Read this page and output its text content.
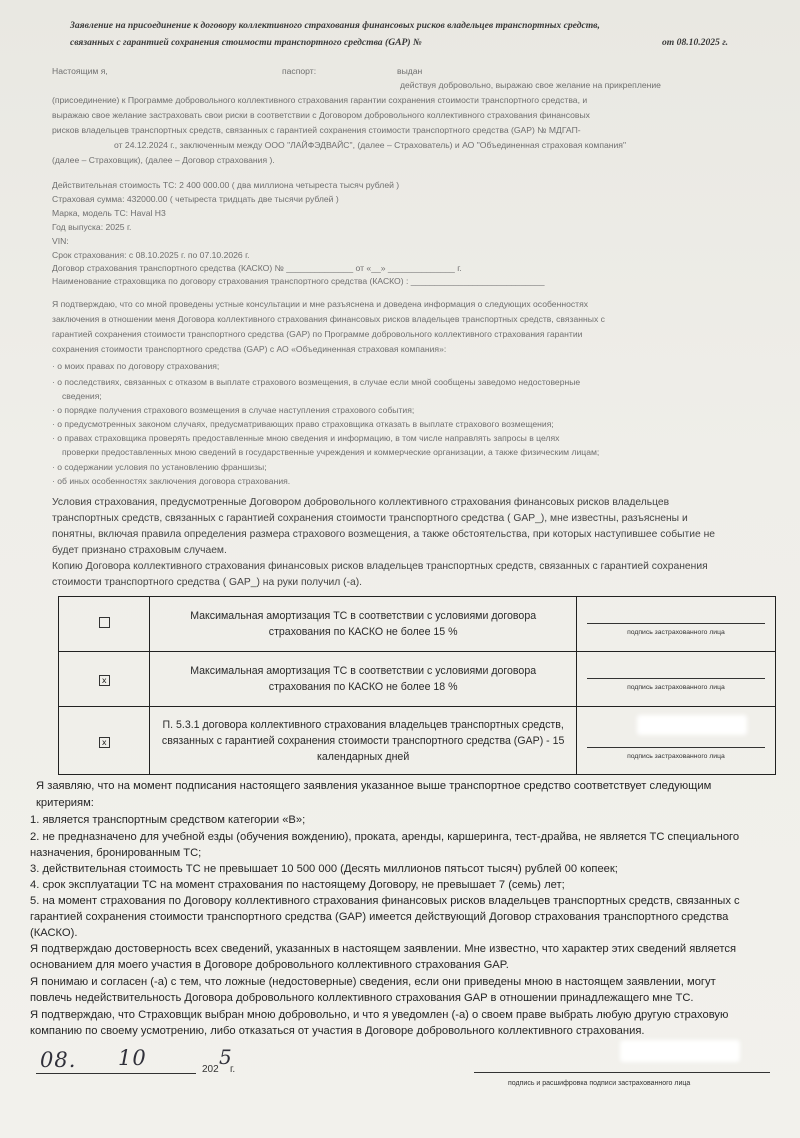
Заявление на присоединение к договору коллективного страхования финансовых рисков владельцев транспортных средств,
связанных с гарантией сохранения стоимости транспортного средства (GAP) №	от 08.10.2025 г.
Настоящим я,	паспорт:	выдан
действуя добровольно, выражаю свое желание на прикрепление
(присоединение) к Программе добровольного коллективного страхования гарантии сохранения стоимости транспортного средства, и
выражаю свое желание застраховать свои риски в соответствии с Договором добровольного коллективного страхования финансовых
рисков владельцев транспортных средств, связанных с гарантией сохранения стоимости транспортного средства (GAP) № МДГАП-
от 24.12.2024 г., заключенным между ООО "ЛАЙФЭДВАЙС", (далее – Страхователь) и АО "Объединенная страховая компания"
(далее – Страховщик), (далее – Договор страхования ).
Действительная стоимость ТС: 2 400 000.00 ( два миллиона четыреста тысяч рублей )
Страховая сумма: 432000.00 ( четыреста тридцать две тысячи рублей )
Марка, модель ТС: Haval H3
Год выпуска: 2025 г.
VIN:
Срок страхования: с 08.10.2025 г. по 07.10.2026 г.
Договор страхования транспортного средства (КАСКО) № ______________ от «__» ______________ г.
Наименование страховщика по договору страхования транспортного средства (КАСКО) : ____________________________
Я подтверждаю, что со мной проведены устные консультации и мне разъяснена и доведена информация о следующих особенностях
заключения в отношении меня Договора коллективного страхования финансовых рисков владельцев транспортных средств, связанных с
гарантией сохранения стоимости транспортного средства (GAP) по Программе добровольного коллективного страхования гарантии
сохранения стоимости транспортного средства (GAP) с АО «Объединенная страховая компания»:
· о моих правах по договору страхования;
· о последствиях, связанных с отказом в выплате страхового возмещения, в случае если мной сообщены заведомо недостоверные
сведения;
· о порядке получения страхового возмещения в случае наступления страхового события;
· о предусмотренных законом случаях, предусматривающих право страховщика отказать в выплате страхового возмещения;
· о правах страховщика проверять предоставленные мною сведения и информацию, в том числе направлять запросы в целях
проверки предоставленных мною сведений в государственные учреждения и коммерческие организации, а также физическим лицам;
· о содержании условия по установлению франшизы;
· об иных особенностях заключения договора страхования.
Условия страхования, предусмотренные Договором добровольного коллективного страхования финансовых рисков владельцев
транспортных средств, связанных с гарантией сохранения стоимости транспортного средства ( GAP_), мне известны, разъяснены и
понятны, включая правила определения размера страхового возмещения, а также обстоятельства, при которых наступившее событие не
будет признано страховым случаем.
Копию Договора коллективного страхования финансовых рисков владельцев транспортных средств, связанных с гарантией сохранения
стоимости транспортного средства ( GAP_) на руки получил (-а).

	Максимальная амортизация ТС в соответствии с условиями договора
страхования по КАСКО не более 15 %	подпись застрахованного лица

x	Максимальная амортизация ТС в соответствии с условиями договора
страхования по КАСКО не более 18 %	подпись застрахованного лица

x	П. 5.3.1 договора коллективного страхования владельцев транспортных средств,
связанных с гарантией сохранения стоимости транспортного средства (GAP) - 15
календарных дней	подпись застрахованного лица
Я заявляю, что на момент подписания настоящего заявления указанное выше транспортное средство соответствует следующим
критериям:
1. является транспортным средством категории «В»;
2. не предназначено для учебной езды (обучения вождению), проката, аренды, каршеринга, тест-драйва, не является ТС специального
назначения, бронированным ТС;
3. действительная стоимость ТС не превышает 10 500 000 (Десять миллионов пятьсот тысяч) рублей 00 копеек;
4. срок эксплуатации ТС на момент страхования по настоящему Договору, не превышает 7 (семь) лет;
5. на момент страхования по Договору коллективного страхования финансовых рисков владельцев транспортных средств, связанных с
гарантией сохранения стоимости транспортного средства (GAP) имеется действующий Договор страхования транспортного средства
(КАСКО).
Я подтверждаю достоверность всех сведений, указанных в настоящем заявлении. Мне известно, что характер этих сведений является
основанием для моего участия в Договоре добровольного коллективного страхования GAP.
Я понимаю и согласен (-а) с тем, что ложные (недостоверные) сведения, если они приведены мною в настоящем заявлении, могут
повлечь недействительность Договора добровольного коллективного страхования GAP в отношении принадлежащего мне ТС.
Я подтверждаю, что Страховщик выбран мною добровольно, и что я уведомлен (-а) о своем праве выбрать любую другую страховую
компанию по своему усмотрению, либо отказаться от участия в Договоре добровольного коллективного страхования.
08. 10	202
5
г.
подпись и расшифровка подписи застрахованного лица
